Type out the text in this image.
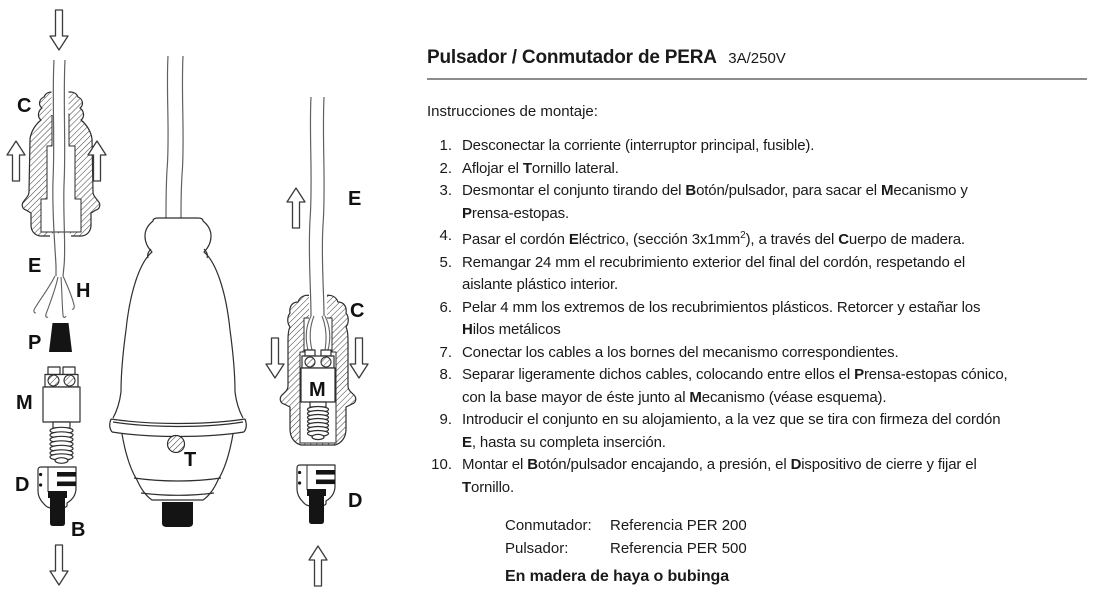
C
E
H
P
M
D
B
T
E
C
M
D
Pulsador / Conmutador de PERA 3A/250V
Instrucciones de montaje:
1. Desconectar la corriente (interruptor principal, fusible).
2. Aflojar el Tornillo lateral.
3. Desmontar el conjunto tirando del Botón/pulsador, para sacar el Mecanismo y Prensa-estopas.
4. Pasar el cordón Eléctrico, (sección $3x1mm^2$), a través del Cuerpo de madera.
5. Remangar 24 mm el recubrimiento exterior del final del cordón, respetando el aislante plástico interior.
6. Pelar 4 mm los extremos de los recubrimientos plásticos. Retorcer y estañar los Hilos metálicos
7. Conectar los cables a los bornes del mecanismo correspondientes.
8. Separar ligeramente dichos cables, colocando entre ellos el Prensa-estopas cónico, con la base mayor de éste junto al Mecanismo (véase esquema).
9. Introducir el conjunto en su alojamiento, a la vez que se tira con firmeza del cordón E, hasta su completa inserción.
10. Montar el Botón/pulsador encajando, a presión, el Dispositivo de cierre y fijar el Tornillo.
Conmutador: Referencia PER 200
Pulsador:	Referencia PER 500
En madera de haya o bubinga
